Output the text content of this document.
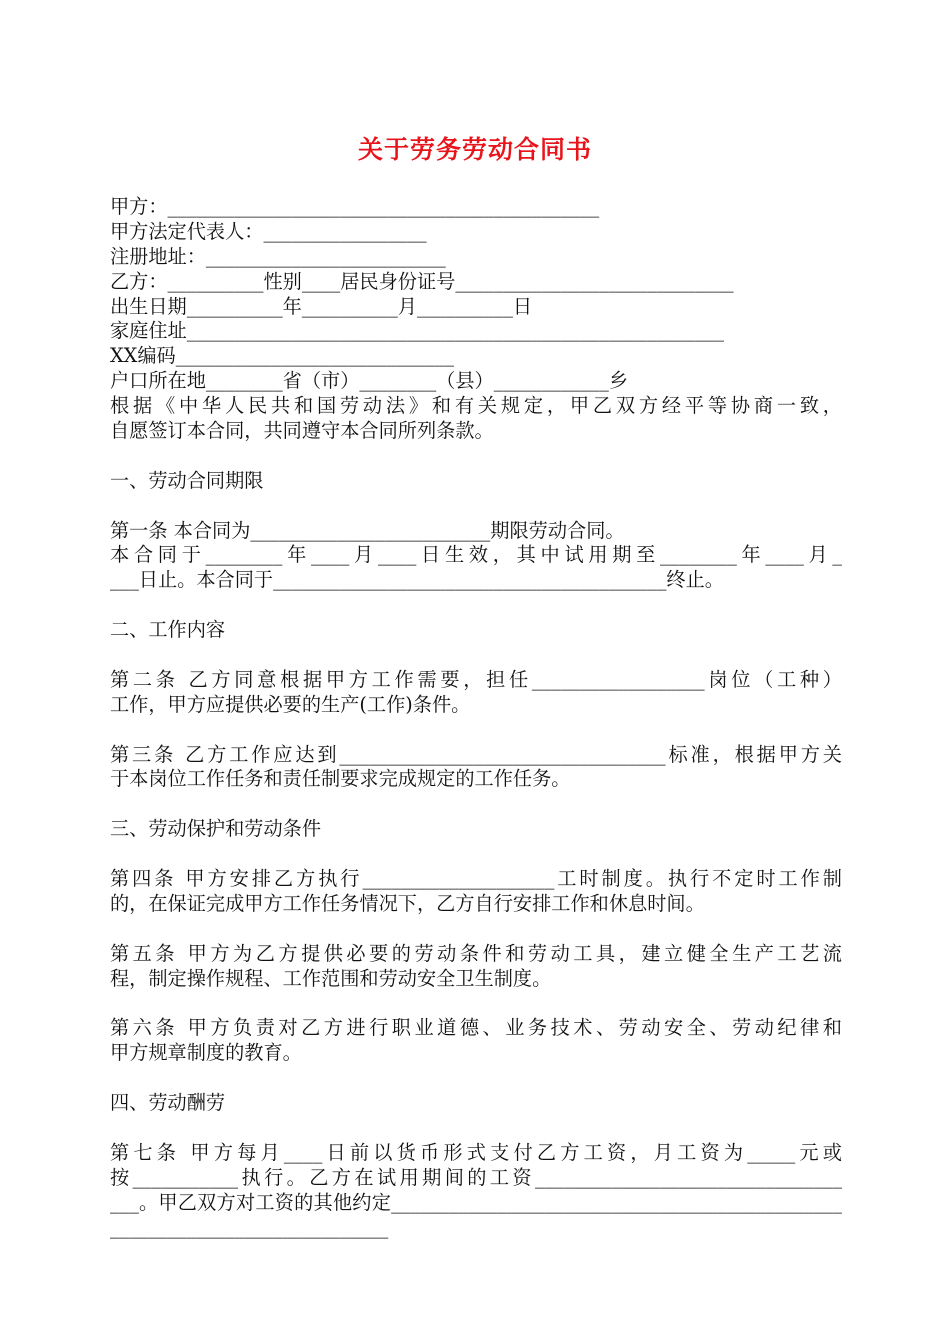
关于劳务劳动合同书
甲方：_____________________________________________
甲方法定代表人：_________________
注册地址：_________________________
乙方：__________性别____居民身份证号_____________________________
出生日期__________年__________月__________日
家庭住址________________________________________________________
XX编码_____________________________
户口所在地________省（市）________（县）____________乡
根据《中华人民共和国劳动法》和有关规定，甲乙双方经平等协商一致，
自愿签订本合同，共同遵守本合同所列条款。
一、劳动合同期限
第一条 本合同为_________________________期限劳动合同。
本合同于________年____月____日生效，其中试用期至________年____月_
___日止。本合同于_________________________________________终止。
二、工作内容
第二条 乙方同意根据甲方工作需要，担任__________________岗位（工种）
工作，甲方应提供必要的生产(工作)条件。
第三条 乙方工作应达到__________________________________标准，根据甲方关
于本岗位工作任务和责任制要求完成规定的工作任务。
三、劳动保护和劳动条件
第四条 甲方安排乙方执行____________________工时制度。执行不定时工作制
的，在保证完成甲方工作任务情况下，乙方自行安排工作和休息时间。
第五条 甲方为乙方提供必要的劳动条件和劳动工具，建立健全生产工艺流
程，制定操作规程、工作范围和劳动安全卫生制度。
第六条 甲方负责对乙方进行职业道德、业务技术、劳动安全、劳动纪律和
甲方规章制度的教育。
四、劳动酬劳
第七条 甲方每月____日前以货币形式支付乙方工资，月工资为_____元或
按___________执行。乙方在试用期间的工资________________________________
___。甲乙双方对工资的其他约定_______________________________________________
_____________________________
